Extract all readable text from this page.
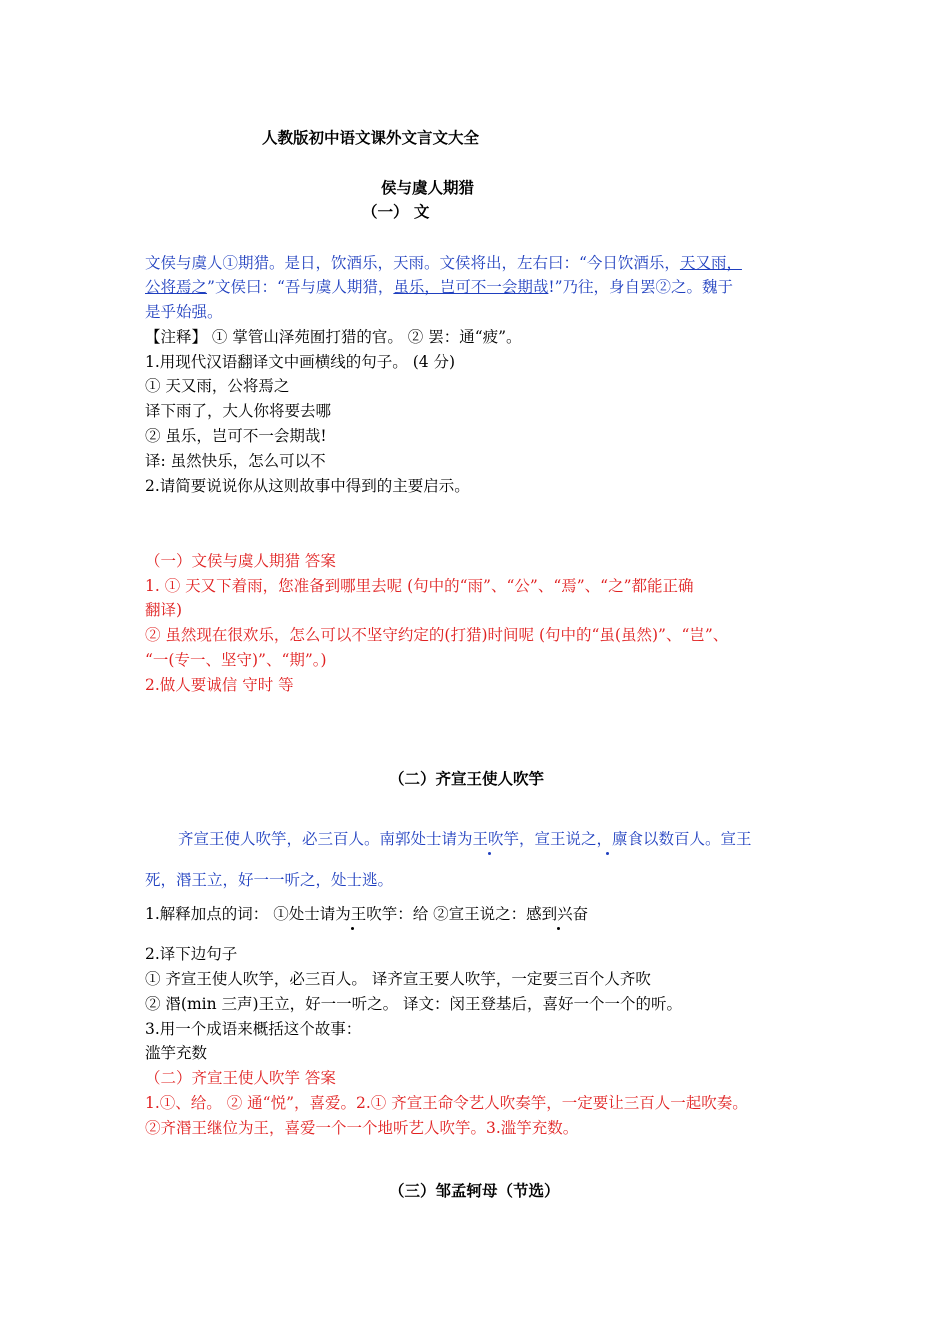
人教版初中语文课外文言文大全
侯与虞人期猎
（一） 文
文侯与虞人①期猎。是日，饮酒乐，天雨。文侯将出，左右曰：“今日饮酒乐，天又雨，
公将焉之”文侯曰：“吾与虞人期猎，虽乐，岂可不一会期哉!”乃往，身自罢②之。魏于
是乎始强。
【注释】 ① 掌管山泽苑囿打猎的官。 ② 罢：通“疲”。
1.用现代汉语翻译文中画横线的句子。 (4 分)
① 天又雨，公将焉之
译下雨了，大人你将要去哪
② 虽乐，岂可不一会期哉!
译: 虽然快乐，怎么可以不
2.请简要说说你从这则故事中得到的主要启示。
（一）文侯与虞人期猎 答案
1. ① 天又下着雨，您准备到哪里去呢 (句中的“雨”、“公”、“焉”、“之”都能正确
翻译)
② 虽然现在很欢乐，怎么可以不坚守约定的(打猎)时间呢 (句中的“虽(虽然)”、“岂”、
“一(专一、坚守)”、“期”。)
2.做人要诚信 守时 等
（二）齐宣王使人吹竽
齐宣王使人吹竽，必三百人。南郭处士请为王吹竽，宣王说之，廪食以数百人。宣王
死，湣王立，好一一听之，处士逃。
1.解释加点的词： ①处士请为王吹竽：给 ②宣王说之：感到兴奋
2.译下边句子
① 齐宣王使人吹竽，必三百人。 译齐宣王要人吹竽，一定要三百个人齐吹
② 湣(min 三声)王立，好一一听之。 译文：闵王登基后，喜好一个一个的听。
3.用一个成语来概括这个故事：
滥竽充数
（二）齐宣王使人吹竽 答案
1.①、给。 ② 通“悦”，喜爱。2.① 齐宣王命令艺人吹奏竽，一定要让三百人一起吹奏。
②齐湣王继位为王，喜爱一个一个地听艺人吹竽。3.滥竽充数。
（三）邹孟轲母（节选）
